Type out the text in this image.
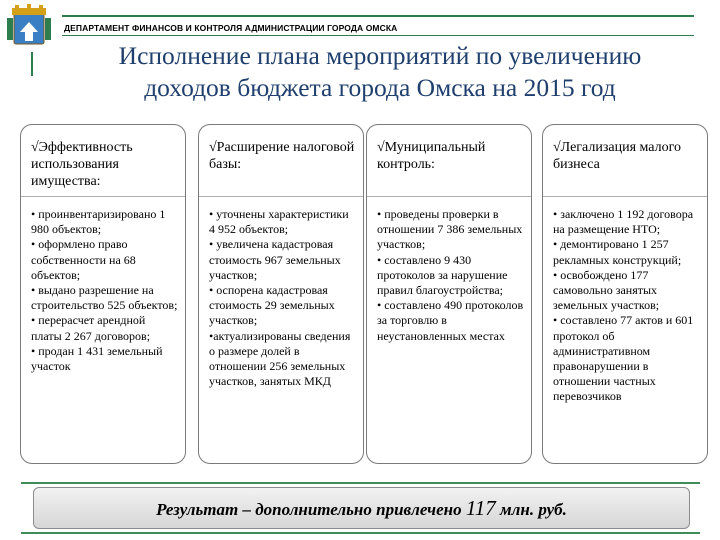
ДЕПАРТАМЕНТ ФИНАНСОВ И КОНТРОЛЯ АДМИНИСТРАЦИИ ГОРОДА ОМСКА
Исполнение плана мероприятий по увеличению
доходов бюджета города Омска на 2015 год
√Эффективность использования имущества:
• проинвентаризировано 1 980 объектов;
• оформлено право собственности на 68 объектов;
• выдано разрешение на строительство 525 объектов;
• перерасчет арендной платы 2 267 договоров;
• продан 1 431 земельный участок
√Расширение налоговой базы:
• уточнены характеристики 4 952 объектов;
• увеличена кадастровая стоимость 967 земельных участков;
• оспорена кадастровая стоимость 29 земельных участков;
•актуализированы сведения о размере долей в отношении 256 земельных участков, занятых МКД
√Муниципальный контроль:
• проведены проверки в отношении 7 386 земельных участков;
• составлено 9 430 протоколов за нарушение правил благоустройства;
• составлено 490 протоколов за торговлю в неустановленных местах
√Легализация малого бизнеса
• заключено 1 192 договора на размещение НТО;
• демонтировано 1 257 рекламных конструкций;
• освобождено 177 самовольно занятых земельных участков;
• составлено 77 актов и 601 протокол об административном правонарушении в отношении частных перевозчиков
Результат – дополнительно привлечено 117 млн. руб.
